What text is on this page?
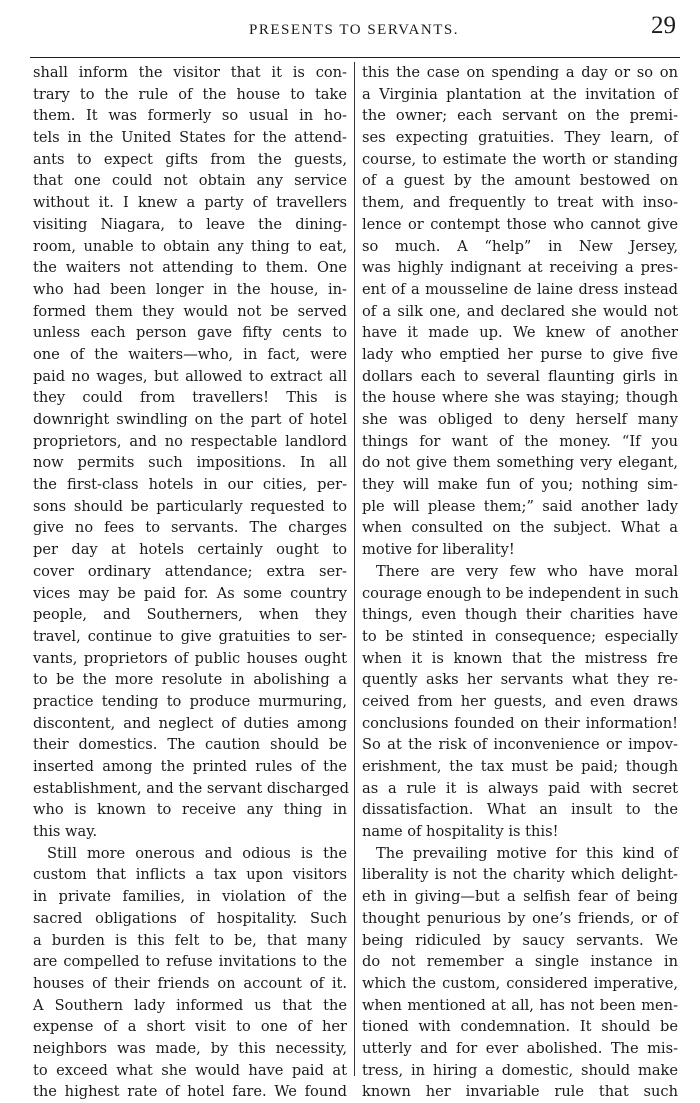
PRESENTS TO SERVANTS.	29
shall inform the visitor that it is con-
trary to the rule of the house to take
them. It was formerly so usual in ho-
tels in the United States for the attend-
ants to expect gifts from the guests,
that one could not obtain any service
without it. I knew a party of travellers
visiting Niagara, to leave the dining-
room, unable to obtain any thing to eat,
the waiters not attending to them. One
who had been longer in the house, in-
formed them they would not be served
unless each person gave fifty cents to
one of the waiters—who, in fact, were
paid no wages, but allowed to extract all
they could from travellers! This is
downright swindling on the part of hotel
proprietors, and no respectable landlord
now permits such impositions. In all
the first-class hotels in our cities, per-
sons should be particularly requested to
give no fees to servants. The charges
per day at hotels certainly ought to
cover ordinary attendance; extra ser-
vices may be paid for. As some country
people, and Southerners, when they
travel, continue to give gratuities to ser-
vants, proprietors of public houses ought
to be the more resolute in abolishing a
practice tending to produce murmuring,
discontent, and neglect of duties among
their domestics. The caution should be
inserted among the printed rules of the
establishment, and the servant discharged
who is known to receive any thing in
this way.
Still more onerous and odious is the
custom that inflicts a tax upon visitors
in private families, in violation of the
sacred obligations of hospitality. Such
a burden is this felt to be, that many
are compelled to refuse invitations to the
houses of their friends on account of it.
A Southern lady informed us that the
expense of a short visit to one of her
neighbors was made, by this necessity,
to exceed what she would have paid at
the highest rate of hotel fare. We found
this the case on spending a day or so on
a Virginia plantation at the invitation of
the owner; each servant on the premi-
ses expecting gratuities. They learn, of
course, to estimate the worth or standing
of a guest by the amount bestowed on
them, and frequently to treat with inso-
lence or contempt those who cannot give
so much. A “help” in New Jersey,
was highly indignant at receiving a pres-
ent of a mousseline de laine dress instead
of a silk one, and declared she would not
have it made up. We knew of another
lady who emptied her purse to give five
dollars each to several flaunting girls in
the house where she was staying; though
she was obliged to deny herself many
things for want of the money. “If you
do not give them something very elegant,
they will make fun of you; nothing sim-
ple will please them;” said another lady
when consulted on the subject. What a
motive for liberality!
There are very few who have moral
courage enough to be independent in such
things, even though their charities have
to be stinted in consequence; especially
when it is known that the mistress fre
quently asks her servants what they re-
ceived from her guests, and even draws
conclusions founded on their information!
So at the risk of inconvenience or impov-
erishment, the tax must be paid; though
as a rule it is always paid with secret
dissatisfaction. What an insult to the
name of hospitality is this!
The prevailing motive for this kind of
liberality is not the charity which delight-
eth in giving—but a selfish fear of being
thought penurious by one’s friends, or of
being ridiculed by saucy servants. We
do not remember a single instance in
which the custom, considered imperative,
when mentioned at all, has not been men-
tioned with condemnation. It should be
utterly and for ever abolished. The mis-
tress, in hiring a domestic, should make
known her invariable rule that such
